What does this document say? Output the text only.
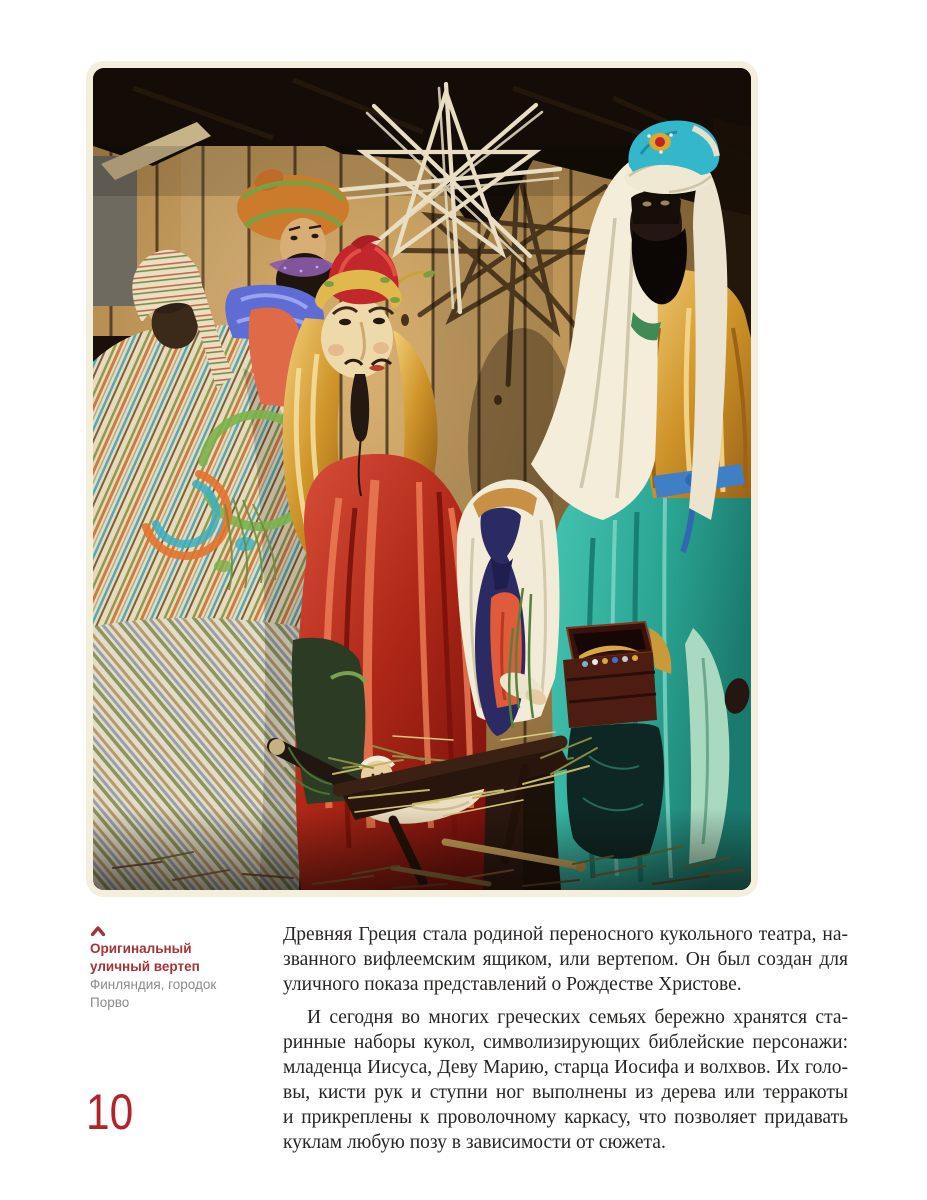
Оригинальный уличный вертеп
Финляндия, городок Порво
10
Древняя Греция стала родиной переносного кукольного театра, на-
званного вифлеемским ящиком, или вертепом. Он был создан для
уличного показа представлений о Рождестве Христове.
И сегодня во многих греческих семьях бережно хранятся ста-
ринные наборы кукол, символизирующих библейские персонажи:
младенца Иисуса, Деву Марию, старца Иосифа и волхвов. Их голо-
вы, кисти рук и ступни ног выполнены из дерева или терракоты
и прикреплены к проволочному каркасу, что позволяет придавать
куклам любую позу в зависимости от сюжета.
